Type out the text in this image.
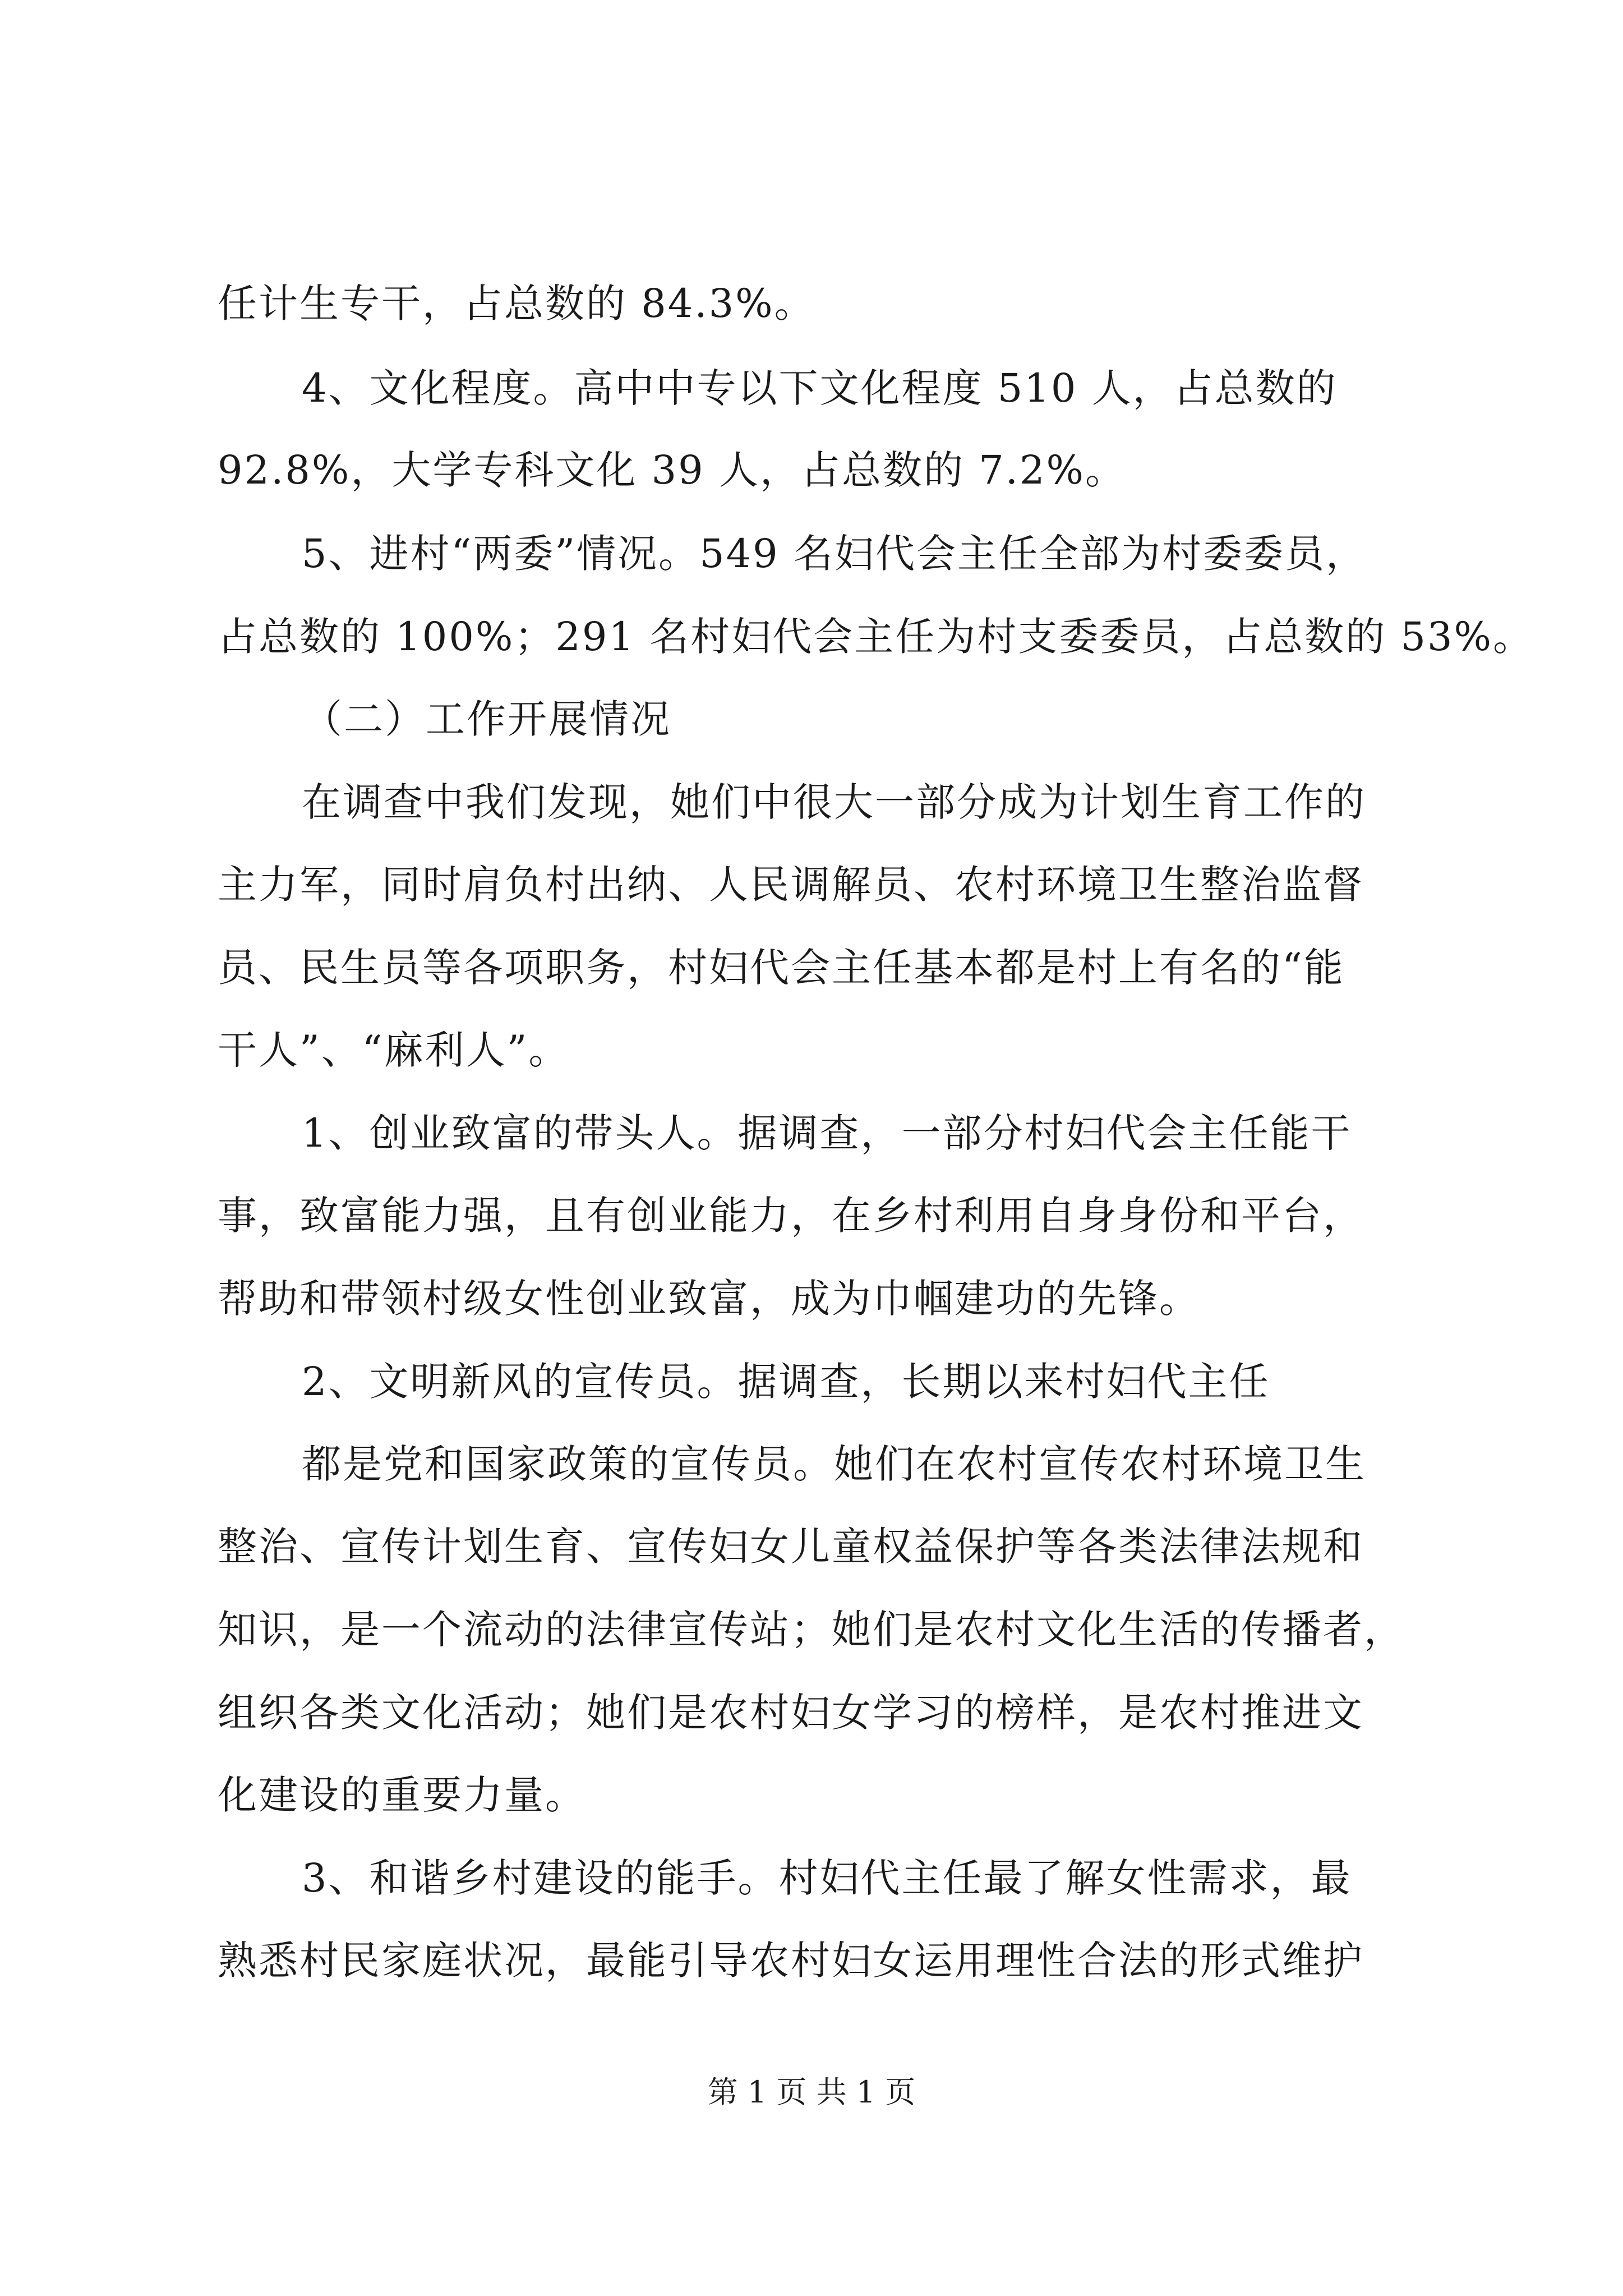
任计生专干，占总数的 84.3%。
4、文化程度。高中中专以下文化程度 510 人，占总数的
92.8%，大学专科文化 39 人，占总数的 7.2%。
5、进村“两委”情况。549 名妇代会主任全部为村委委员，
占总数的 100%；291 名村妇代会主任为村支委委员，占总数的 53%。
（二）工作开展情况
在调查中我们发现，她们中很大一部分成为计划生育工作的
主力军，同时肩负村出纳、人民调解员、农村环境卫生整治监督
员、民生员等各项职务，村妇代会主任基本都是村上有名的“能
干人”、“麻利人”。
1、创业致富的带头人。据调查，一部分村妇代会主任能干
事，致富能力强，且有创业能力，在乡村利用自身身份和平台，
帮助和带领村级女性创业致富，成为巾帼建功的先锋。
2、文明新风的宣传员。据调查，长期以来村妇代主任
都是党和国家政策的宣传员。她们在农村宣传农村环境卫生
整治、宣传计划生育、宣传妇女儿童权益保护等各类法律法规和
知识，是一个流动的法律宣传站；她们是农村文化生活的传播者，
组织各类文化活动；她们是农村妇女学习的榜样，是农村推进文
化建设的重要力量。
3、和谐乡村建设的能手。村妇代主任最了解女性需求，最
熟悉村民家庭状况，最能引导农村妇女运用理性合法的形式维护
第 1 页 共 1 页
